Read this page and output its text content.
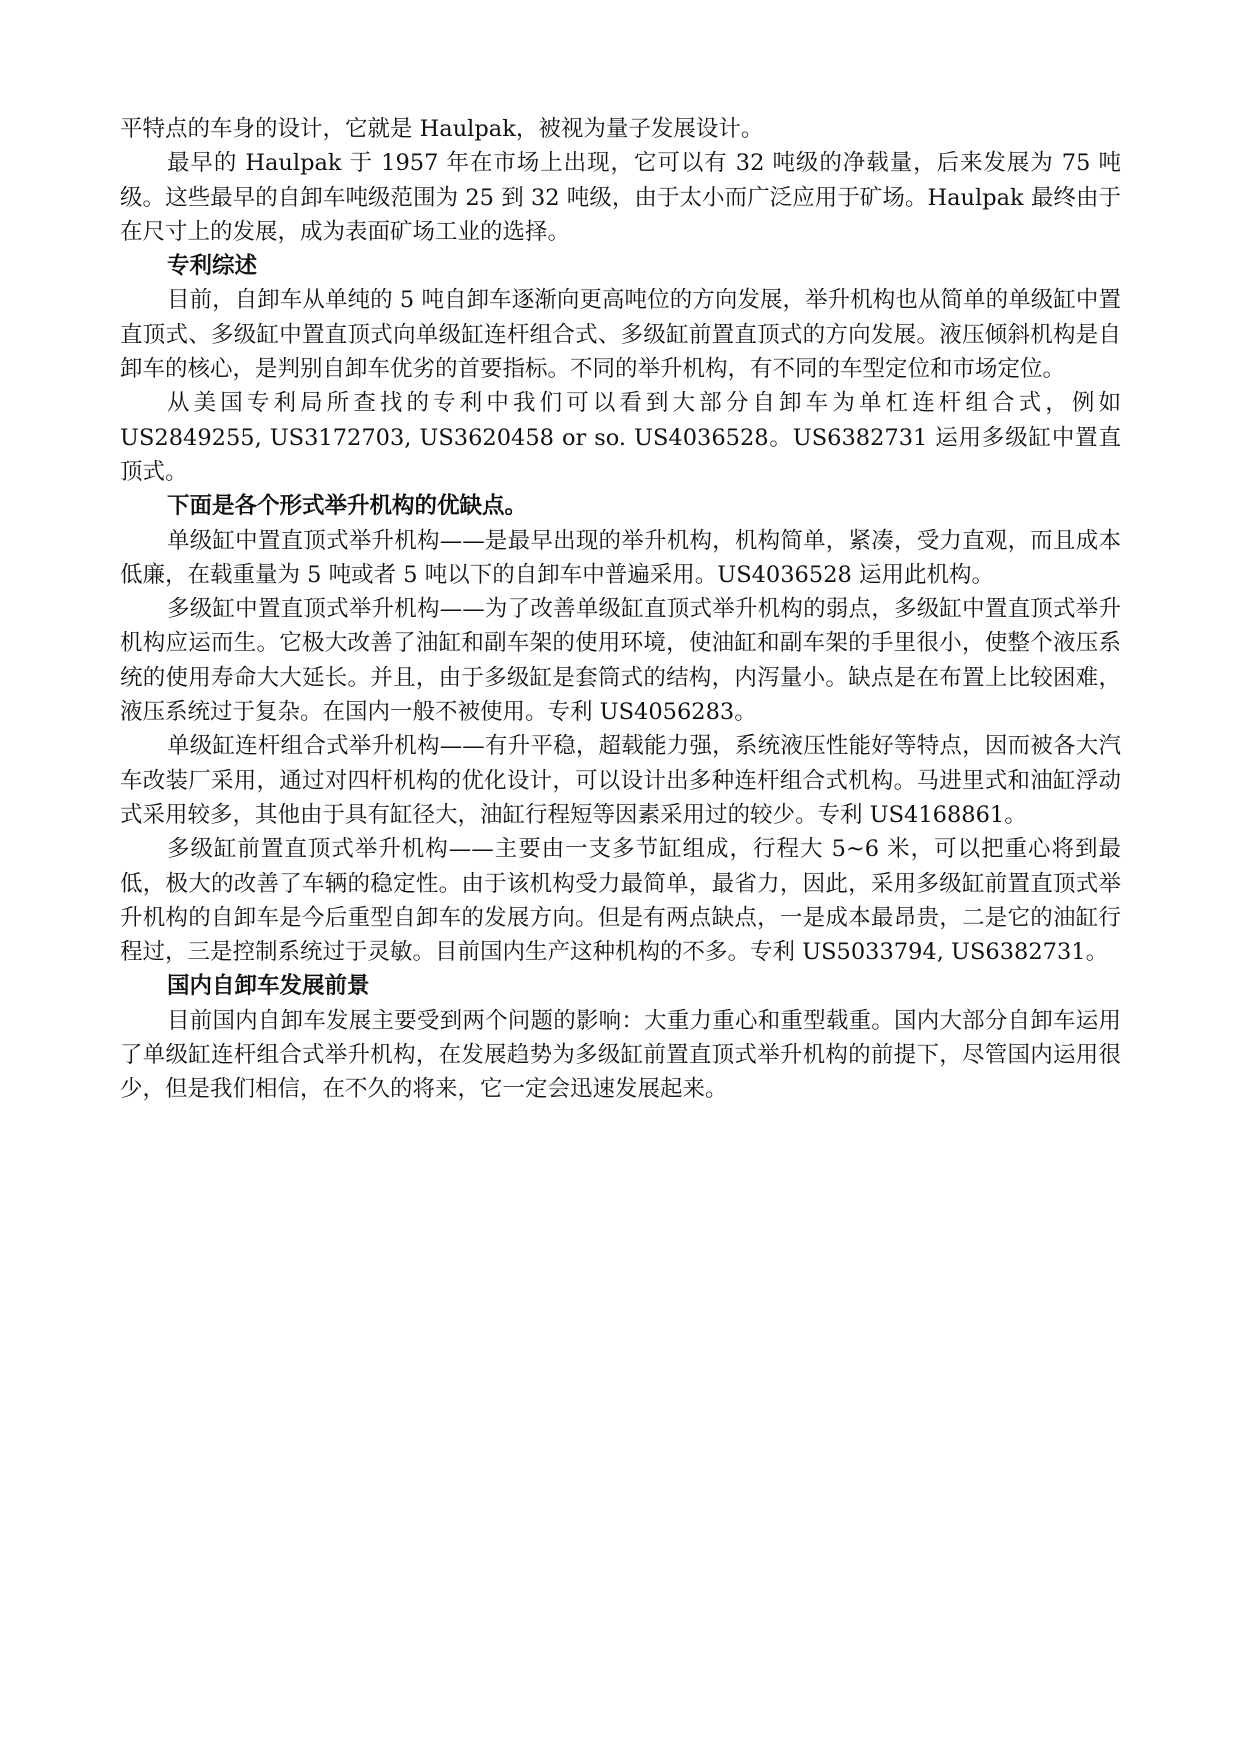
平特点的车身的设计，它就是 Haulpak，被视为量子发展设计。

最早的 Haulpak 于 1957 年在市场上出现，它可以有 32 吨级的净载量，后来发展为 75 吨级。这些最早的自卸车吨级范围为 25 到 32 吨级，由于太小而广泛应用于矿场。Haulpak 最终由于在尺寸上的发展，成为表面矿场工业的选择。

专利综述

目前，自卸车从单纯的 5 吨自卸车逐渐向更高吨位的方向发展，举升机构也从简单的单级缸中置直顶式、多级缸中置直顶式向单级缸连杆组合式、多级缸前置直顶式的方向发展。液压倾斜机构是自卸车的核心，是判别自卸车优劣的首要指标。不同的举升机构，有不同的车型定位和市场定位。

从美国专利局所查找的专利中我们可以看到大部分自卸车为单杠连杆组合式，例如 US2849255, US3172703, US3620458 or so. US4036528。US6382731 运用多级缸中置直顶式。

下面是各个形式举升机构的优缺点。

单级缸中置直顶式举升机构——是最早出现的举升机构，机构简单，紧凑，受力直观，而且成本低廉，在载重量为 5 吨或者 5 吨以下的自卸车中普遍采用。US4036528 运用此机构。

多级缸中置直顶式举升机构——为了改善单级缸直顶式举升机构的弱点，多级缸中置直顶式举升机构应运而生。它极大改善了油缸和副车架的使用环境，使油缸和副车架的手里很小，使整个液压系统的使用寿命大大延长。并且，由于多级缸是套筒式的结构，内泻量小。缺点是在布置上比较困难，液压系统过于复杂。在国内一般不被使用。专利 US4056283。

单级缸连杆组合式举升机构——有升平稳，超载能力强，系统液压性能好等特点，因而被各大汽车改装厂采用，通过对四杆机构的优化设计，可以设计出多种连杆组合式机构。马进里式和油缸浮动式采用较多，其他由于具有缸径大，油缸行程短等因素采用过的较少。专利 US4168861。

多级缸前置直顶式举升机构——主要由一支多节缸组成，行程大 5~6 米，可以把重心将到最低，极大的改善了车辆的稳定性。由于该机构受力最简单，最省力，因此，采用多级缸前置直顶式举升机构的自卸车是今后重型自卸车的发展方向。但是有两点缺点，一是成本最昂贵，二是它的油缸行程过，三是控制系统过于灵敏。目前国内生产这种机构的不多。专利 US5033794, US6382731。

国内自卸车发展前景

目前国内自卸车发展主要受到两个问题的影响：大重力重心和重型载重。国内大部分自卸车运用了单级缸连杆组合式举升机构，在发展趋势为多级缸前置直顶式举升机构的前提下，尽管国内运用很少，但是我们相信，在不久的将来，它一定会迅速发展起来。
